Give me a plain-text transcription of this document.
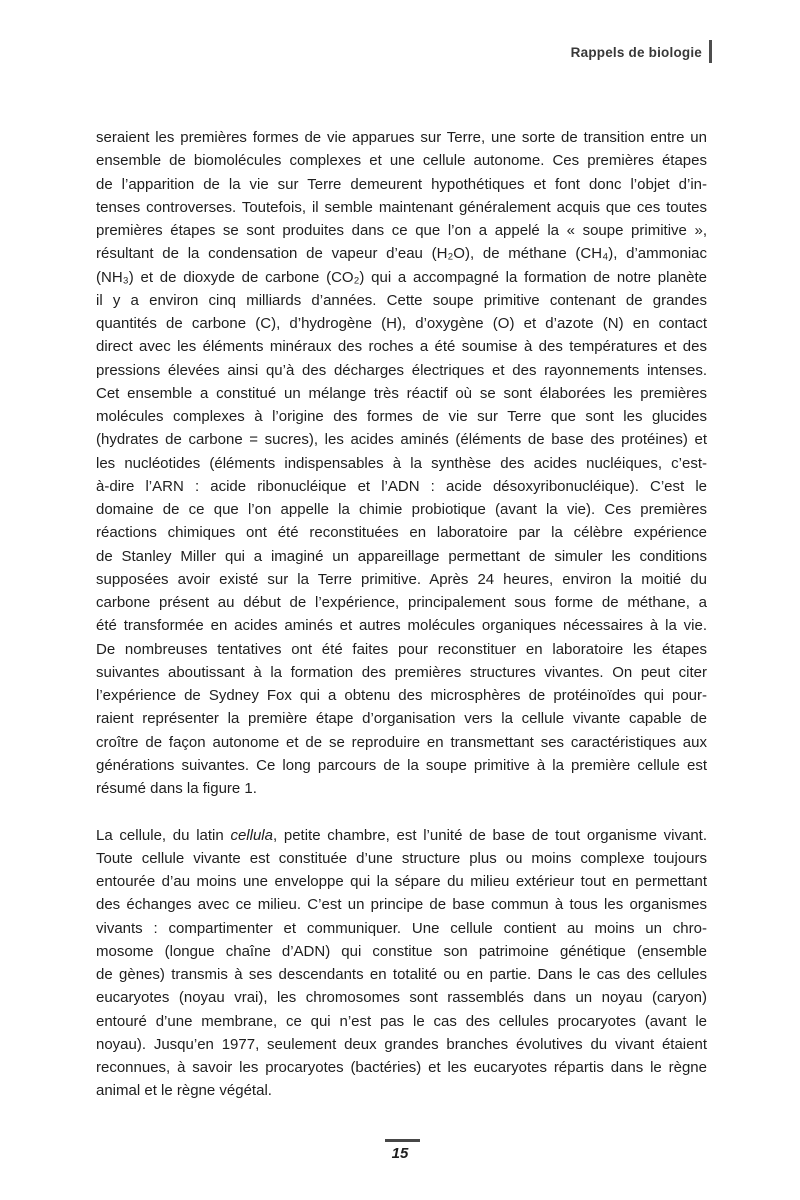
Rappels de biologie
seraient les premières formes de vie apparues sur Terre, une sorte de transition entre un
ensemble de biomolécules complexes et une cellule autonome. Ces premières étapes
de l’apparition de la vie sur Terre demeurent hypothétiques et font donc l’objet d’in-
tenses controverses. Toutefois, il semble maintenant généralement acquis que ces toutes
premières étapes se sont produites dans ce que l’on a appelé la « soupe primitive »,
résultant de la condensation de vapeur d’eau (H₂O), de méthane (CH₄), d’ammoniac
(NH₃) et de dioxyde de carbone (CO₂) qui a accompagné la formation de notre planète
il y a environ cinq milliards d’années. Cette soupe primitive contenant de grandes
quantités de carbone (C), d’hydrogène (H), d’oxygène (O) et d’azote (N) en contact
direct avec les éléments minéraux des roches a été soumise à des températures et des
pressions élevées ainsi qu’à des décharges électriques et des rayonnements intenses.
Cet ensemble a constitué un mélange très réactif où se sont élaborées les premières
molécules complexes à l’origine des formes de vie sur Terre que sont les glucides
(hydrates de carbone = sucres), les acides aminés (éléments de base des protéines) et
les nucléotides (éléments indispensables à la synthèse des acides nucléiques, c’est-
à-dire l’ARN : acide ribonucléique et l’ADN : acide désoxyribonucléique). C’est le
domaine de ce que l’on appelle la chimie probiotique (avant la vie). Ces premières
réactions chimiques ont été reconstituées en laboratoire par la célèbre expérience
de Stanley Miller qui a imaginé un appareillage permettant de simuler les conditions
supposées avoir existé sur la Terre primitive. Après 24 heures, environ la moitié du
carbone présent au début de l’expérience, principalement sous forme de méthane, a
été transformée en acides aminés et autres molécules organiques nécessaires à la vie.
De nombreuses tentatives ont été faites pour reconstituer en laboratoire les étapes
suivantes aboutissant à la formation des premières structures vivantes. On peut citer
l’expérience de Sydney Fox qui a obtenu des microsphères de protéinoïdes qui pour-
raient représenter la première étape d’organisation vers la cellule vivante capable de
croître de façon autonome et de se reproduire en transmettant ses caractéristiques aux
générations suivantes. Ce long parcours de la soupe primitive à la première cellule est
résumé dans la figure 1.
La cellule, du latin cellula, petite chambre, est l’unité de base de tout organisme vivant.
Toute cellule vivante est constituée d’une structure plus ou moins complexe toujours
entourée d’au moins une enveloppe qui la sépare du milieu extérieur tout en permettant
des échanges avec ce milieu. C’est un principe de base commun à tous les organismes
vivants : compartimenter et communiquer. Une cellule contient au moins un chro-
mosome (longue chaîne d’ADN) qui constitue son patrimoine génétique (ensemble
de gènes) transmis à ses descendants en totalité ou en partie. Dans le cas des cellules
eucaryotes (noyau vrai), les chromosomes sont rassemblés dans un noyau (caryon)
entouré d’une membrane, ce qui n’est pas le cas des cellules procaryotes (avant le
noyau). Jusqu’en 1977, seulement deux grandes branches évolutives du vivant étaient
reconnues, à savoir les procaryotes (bactéries) et les eucaryotes répartis dans le règne
animal et le règne végétal.
15
